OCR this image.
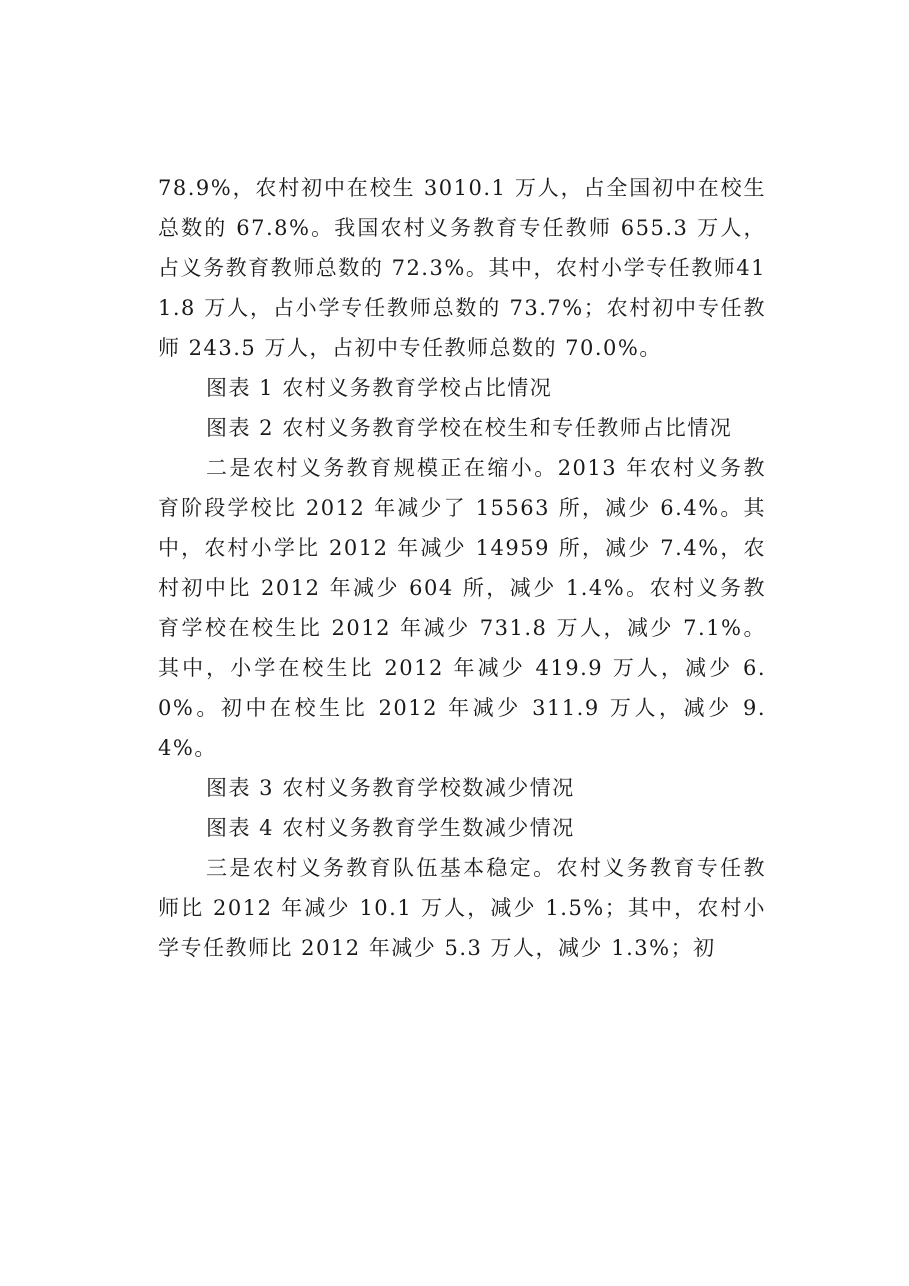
78.9%，农村初中在校生 3010.1 万人，占全国初中在校生总数的 67.8%。我国农村义务教育专任教师 655.3 万人，占义务教育教师总数的 72.3%。其中，农村小学专任教师411.8 万人，占小学专任教师总数的 73.7%；农村初中专任教师 243.5 万人，占初中专任教师总数的 70.0%。

图表 1 农村义务教育学校占比情况

图表 2 农村义务教育学校在校生和专任教师占比情况

二是农村义务教育规模正在缩小。2013 年农村义务教育阶段学校比 2012 年减少了 15563 所，减少 6.4%。其中，农村小学比 2012 年减少 14959 所，减少 7.4%，农村初中比 2012 年减少 604 所，减少 1.4%。农村义务教育学校在校生比 2012 年减少 731.8 万人，减少 7.1%。其中，小学在校生比 2012 年减少 419.9 万人，减少 6.0%。初中在校生比 2012 年减少 311.9 万人，减少 9.4%。

图表 3 农村义务教育学校数减少情况

图表 4 农村义务教育学生数减少情况

三是农村义务教育队伍基本稳定。农村义务教育专任教师比 2012 年减少 10.1 万人，减少 1.5%；其中，农村小学专任教师比 2012 年减少 5.3 万人，减少 1.3%；初
